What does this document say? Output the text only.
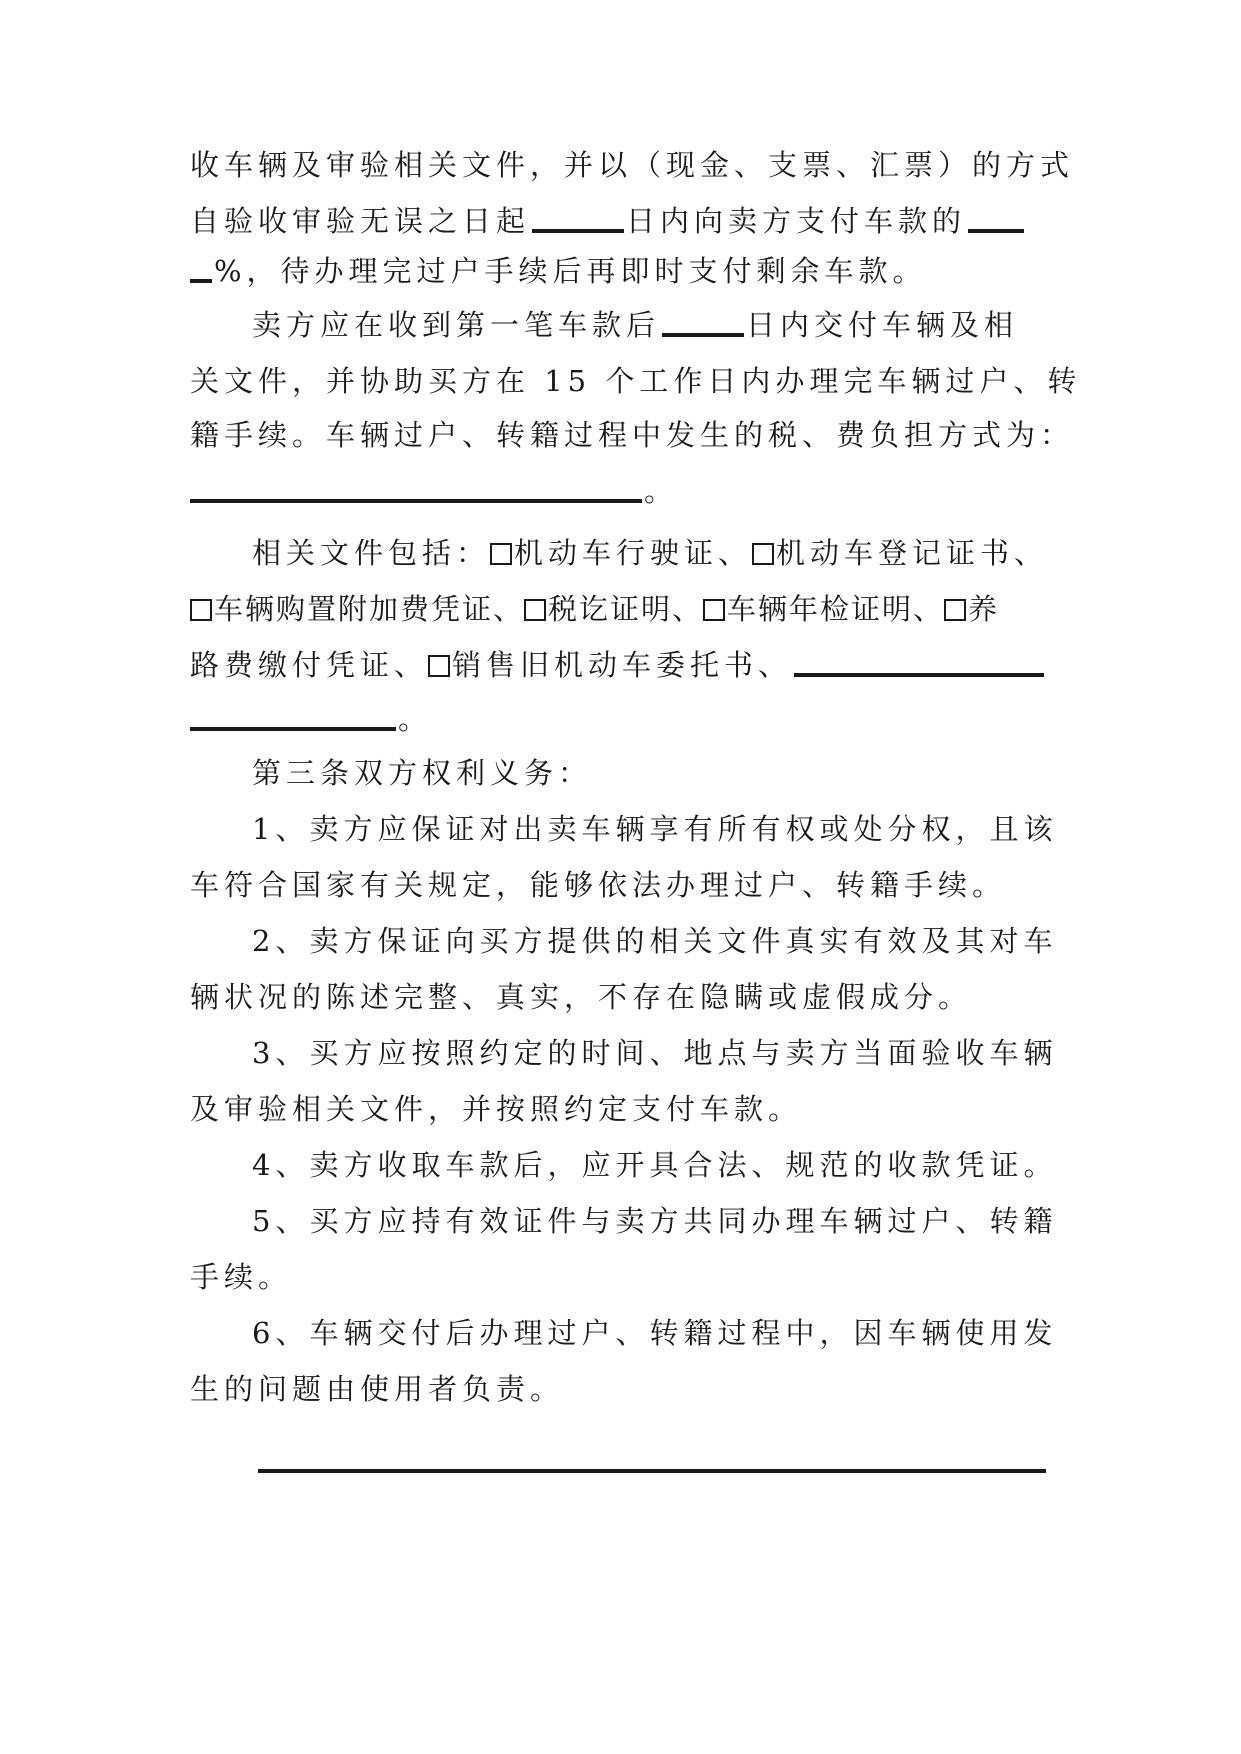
收车辆及审验相关文件，并以（现金、支票、汇票）的方式
自验收审验无误之日起	日内向卖方支付车款的
%，待办理完过户手续后再即时支付剩余车款。
卖方应在收到第一笔车款后	日内交付车辆及相
关文件，并协助买方在 15 个工作日内办理完车辆过户、转
籍手续。车辆过户、转籍过程中发生的税、费负担方式为：
。
相关文件包括： 机动车行驶证、 机动车登记证书、
车辆购置附加费凭证、 税讫证明、 车辆年检证明、 养
路费缴付凭证、 销售旧机动车委托书、
。
第三条双方权利义务：
1、卖方应保证对出卖车辆享有所有权或处分权，且该
车符合国家有关规定，能够依法办理过户、转籍手续。
2、卖方保证向买方提供的相关文件真实有效及其对车
辆状况的陈述完整、真实，不存在隐瞒或虚假成分。
3、买方应按照约定的时间、地点与卖方当面验收车辆
及审验相关文件，并按照约定支付车款。
4、卖方收取车款后，应开具合法、规范的收款凭证。
5、买方应持有效证件与卖方共同办理车辆过户、转籍
手续。
6、车辆交付后办理过户、转籍过程中，因车辆使用发
生的问题由使用者负责。
